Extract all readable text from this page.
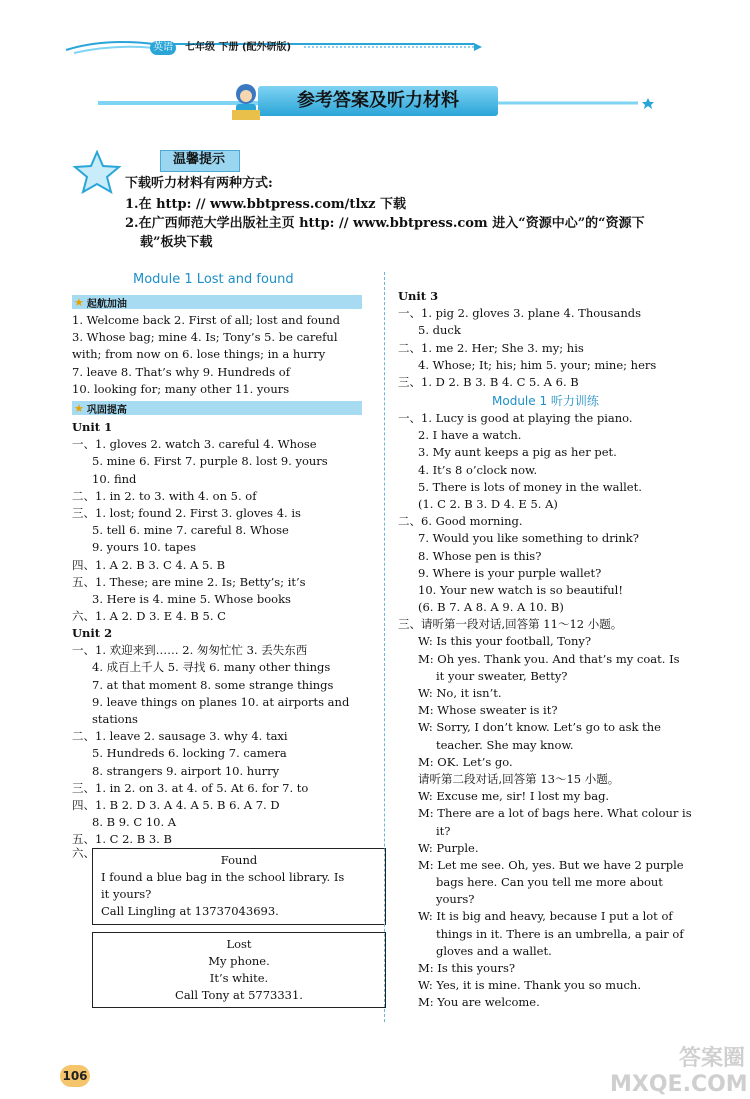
英语	七年级 下册 (配外研版)
参考答案及听力材料
温馨提示
下载听力材料有两种方式:
1.在 http: // www.bbtpress.com/tlxz 下载
2.在广西师范大学出版社主页 http: // www.bbtpress.com 进入“资源中心”的“资源下
载”板块下载
Module 1 Lost and found
★ 起航加油
1. Welcome back 2. First of all; lost and found
3. Whose bag; mine 4. Is; Tony’s 5. be careful
with; from now on 6. lose things; in a hurry
7. leave 8. That’s why 9. Hundreds of
10. looking for; many other 11. yours
★ 巩固提高
Unit 1
一、1. gloves 2. watch 3. careful 4. Whose
5. mine 6. First 7. purple 8. lost 9. yours
10. find
二、1. in 2. to 3. with 4. on 5. of
三、1. lost; found 2. First 3. gloves 4. is
5. tell 6. mine 7. careful 8. Whose
9. yours 10. tapes
四、1. A 2. B 3. C 4. A 5. B
五、1. These; are mine 2. Is; Betty’s; it’s
3. Here is 4. mine 5. Whose books
六、1. A 2. D 3. E 4. B 5. C
Unit 2
一、1. 欢迎来到…… 2. 匆匆忙忙 3. 丢失东西
4. 成百上千人 5. 寻找 6. many other things
7. at that moment 8. some strange things
9. leave things on planes 10. at airports and
stations
二、1. leave 2. sausage 3. why 4. taxi
5. Hundreds 6. locking 7. camera
8. strangers 9. airport 10. hurry
三、1. in 2. on 3. at 4. of 5. At 6. for 7. to
四、1. B 2. D 3. A 4. A 5. B 6. A 7. D
8. B 9. C 10. A
五、1. C 2. B 3. B
六、	Found
I found a blue bag in the school library. Is
it yours?
Call Lingling at 13737043693.
Lost
My phone.
It’s white.
Call Tony at 5773331.
Unit 3
一、1. pig 2. gloves 3. plane 4. Thousands
5. duck
二、1. me 2. Her; She 3. my; his
4. Whose; It; his; him 5. your; mine; hers
三、1. D 2. B 3. B 4. C 5. A 6. B
Module 1 听力训练
一、1. Lucy is good at playing the piano.
2. I have a watch.
3. My aunt keeps a pig as her pet.
4. It’s 8 o’clock now.
5. There is lots of money in the wallet.
(1. C 2. B 3. D 4. E 5. A)
二、6. Good morning.
7. Would you like something to drink?
8. Whose pen is this?
9. Where is your purple wallet?
10. Your new watch is so beautiful!
(6. B 7. A 8. A 9. A 10. B)
三、请听第一段对话,回答第 11～12 小题。
W: Is this your football, Tony?
M: Oh yes. Thank you. And that’s my coat. Is
it your sweater, Betty?
W: No, it isn’t.
M: Whose sweater is it?
W: Sorry, I don’t know. Let’s go to ask the
teacher. She may know.
M: OK. Let’s go.
请听第二段对话,回答第 13～15 小题。
W: Excuse me, sir! I lost my bag.
M: There are a lot of bags here. What colour is
it?
W: Purple.
M: Let me see. Oh, yes. But we have 2 purple
bags here. Can you tell me more about
yours?
W: It is big and heavy, because I put a lot of
things in it. There is an umbrella, a pair of
gloves and a wallet.
M: Is this yours?
W: Yes, it is mine. Thank you so much.
M: You are welcome.
106
答案圈 MXQE.COM
